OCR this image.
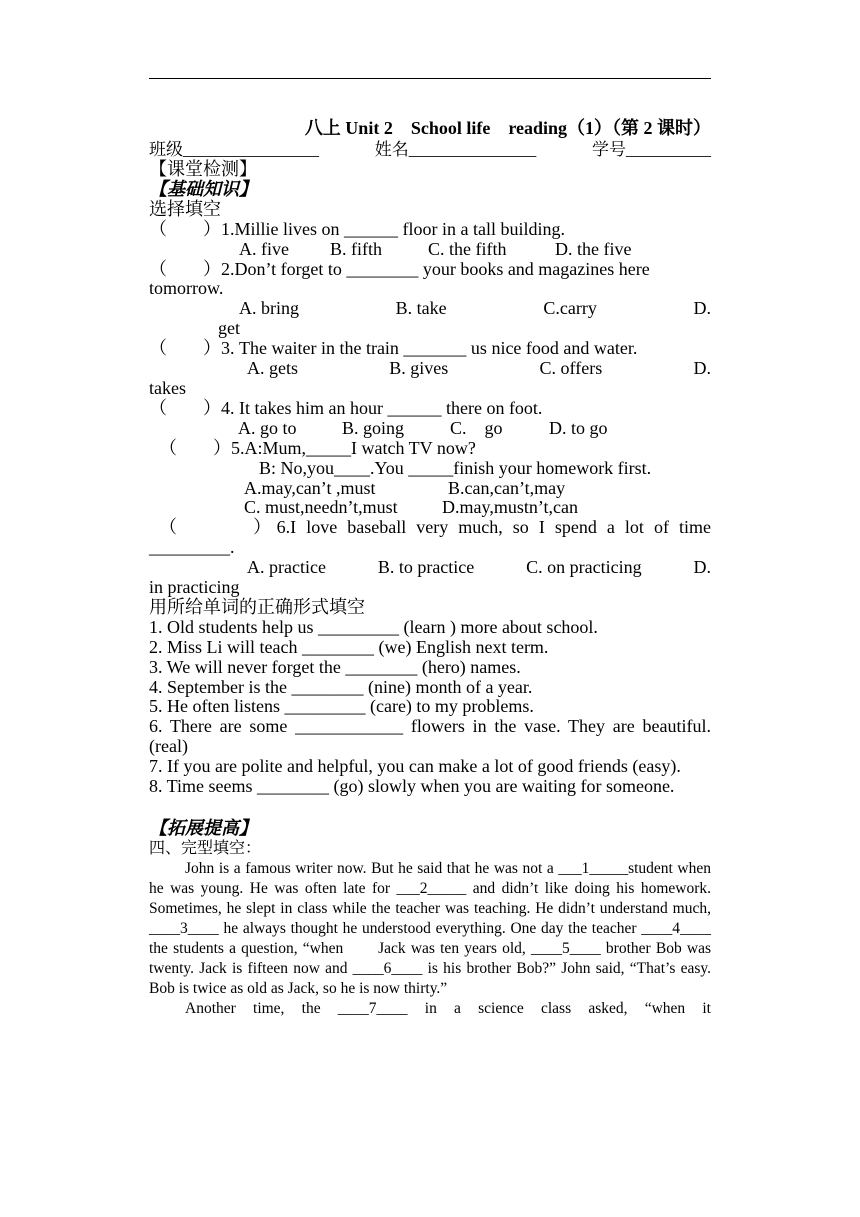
八上 Unit 2　School life　reading（1）（第 2 课时）
班级________________	姓名_______________	学号__________
【课堂检测】
【基础知识】
选择填空
（　　）1.Millie lives on ______ floor in a tall building.
A. five	B. fifth	C. the fifth	D. the five
（　　）2.Don’t forget to ________ your books and magazines here
tomorrow.
A. bring	B. take	C.carry	D.
get
（　　）3. The waiter in the train _______ us nice food and water.
A. gets	B. gives	C. offers	D.
takes
（　　）4. It takes him an hour ______ there on foot.
A. go to	B. going	C.　go	D. to go
（　　）5.A:Mum,_____I watch TV now?
B: No,you____.You _____finish your homework first.
A.may,can’t ,must	B.can,can’t,may
C. must,needn’t,must	D.may,mustn’t,can
（　　　）6.I love baseball very much, so I spend a lot of time
_________.
A. practice	B. to practice	C. on practicing	D.
in practicing
用所给单词的正确形式填空
1. Old students help us _________ (learn ) more about school.
2. Miss Li will teach ________ (we) English next term.
3. We will never forget the ________ (hero) names.
4. September is the ________ (nine) month of a year.
5. He often listens _________ (care) to my problems.
6. There are some ____________ flowers in the vase. They are beautiful. (real)
7. If you are polite and helpful, you can make a lot of good friends (easy).
8. Time seems ________ (go) slowly when you are waiting for someone.
【拓展提高】
四、完型填空：
John is a famous writer now. But he said that he was not a ___1_____student when he was young. He was often late for ___2_____ and didn’t like doing his homework. Sometimes, he slept in class while the teacher was teaching. He didn’t understand much, ____3____ he always thought he understood everything. One day the teacher ____4____ the students a question, “when　　Jack was ten years old, ____5____ brother Bob was twenty. Jack is fifteen now and ____6____ is his brother Bob?” John said, “That’s easy. Bob is twice as old as Jack, so he is now thirty.”
Another time, the ____7____ in a science class asked, “when it
